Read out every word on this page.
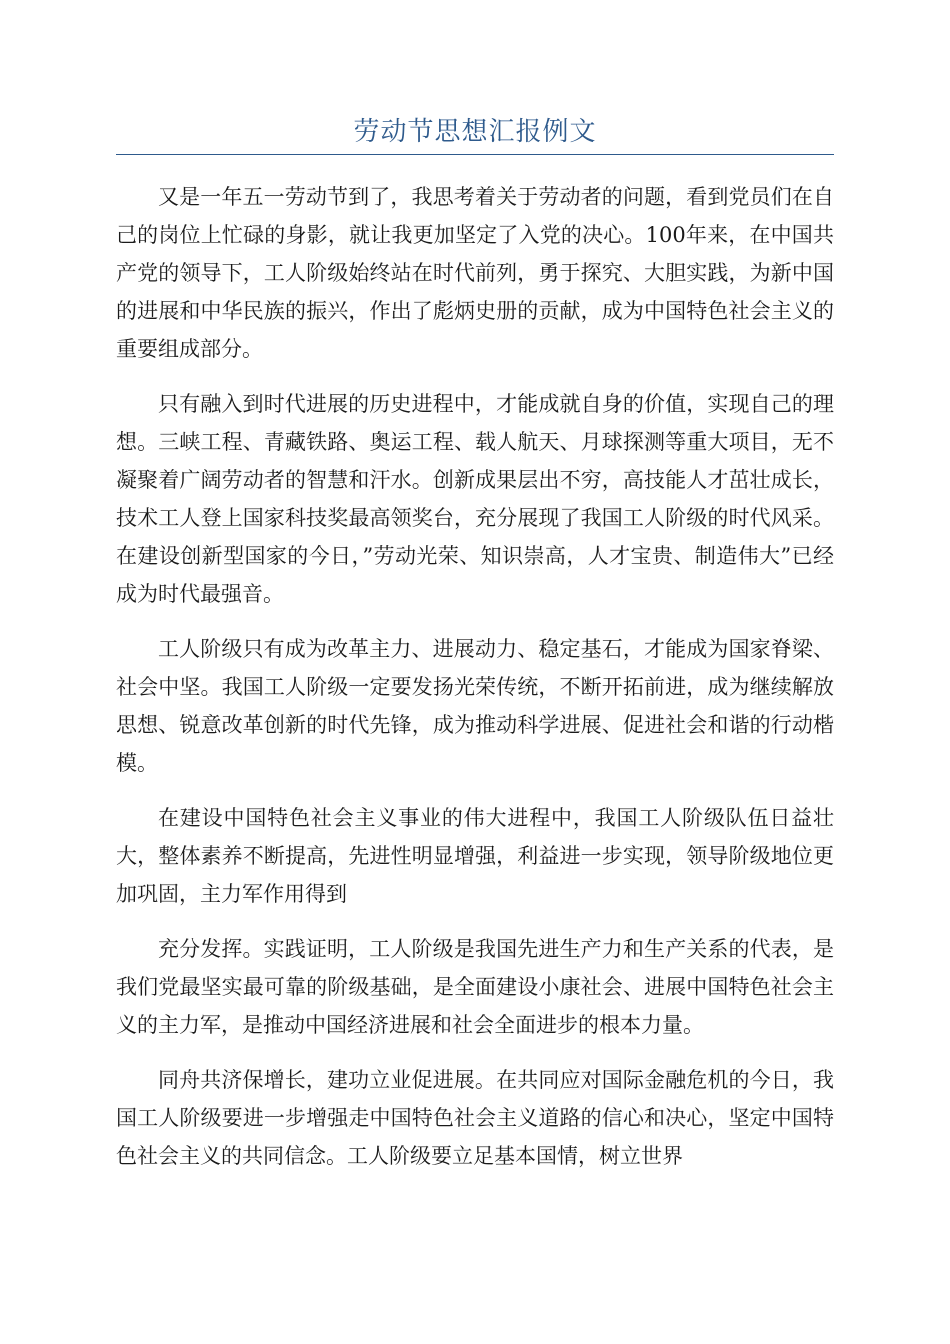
劳动节思想汇报例文

又是一年五一劳动节到了，我思考着关于劳动者的问题，看到党员们在自己的岗位上忙碌的身影，就让我更加坚定了入党的决心。100年来，在中国共产党的领导下，工人阶级始终站在时代前列，勇于探究、大胆实践，为新中国的进展和中华民族的振兴，作出了彪炳史册的贡献，成为中国特色社会主义的重要组成部分。

只有融入到时代进展的历史进程中，才能成就自身的价值，实现自己的理想。三峡工程、青藏铁路、奥运工程、载人航天、月球探测等重大项目，无不凝聚着广阔劳动者的智慧和汗水。创新成果层出不穷，高技能人才茁壮成长，技术工人登上国家科技奖最高领奖台，充分展现了我国工人阶级的时代风采。在建设创新型国家的今日，”劳动光荣、知识崇高，人才宝贵、制造伟大”已经成为时代最强音。

工人阶级只有成为改革主力、进展动力、稳定基石，才能成为国家脊梁、社会中坚。我国工人阶级一定要发扬光荣传统，不断开拓前进，成为继续解放思想、锐意改革创新的时代先锋，成为推动科学进展、促进社会和谐的行动楷模。

在建设中国特色社会主义事业的伟大进程中，我国工人阶级队伍日益壮大，整体素养不断提高，先进性明显增强，利益进一步实现，领导阶级地位更加巩固，主力军作用得到

充分发挥。实践证明，工人阶级是我国先进生产力和生产关系的代表，是我们党最坚实最可靠的阶级基础，是全面建设小康社会、进展中国特色社会主义的主力军，是推动中国经济进展和社会全面进步的根本力量。

同舟共济保增长，建功立业促进展。在共同应对国际金融危机的今日，我国工人阶级要进一步增强走中国特色社会主义道路的信心和决心，坚定中国特色社会主义的共同信念。工人阶级要立足基本国情，树立世界
